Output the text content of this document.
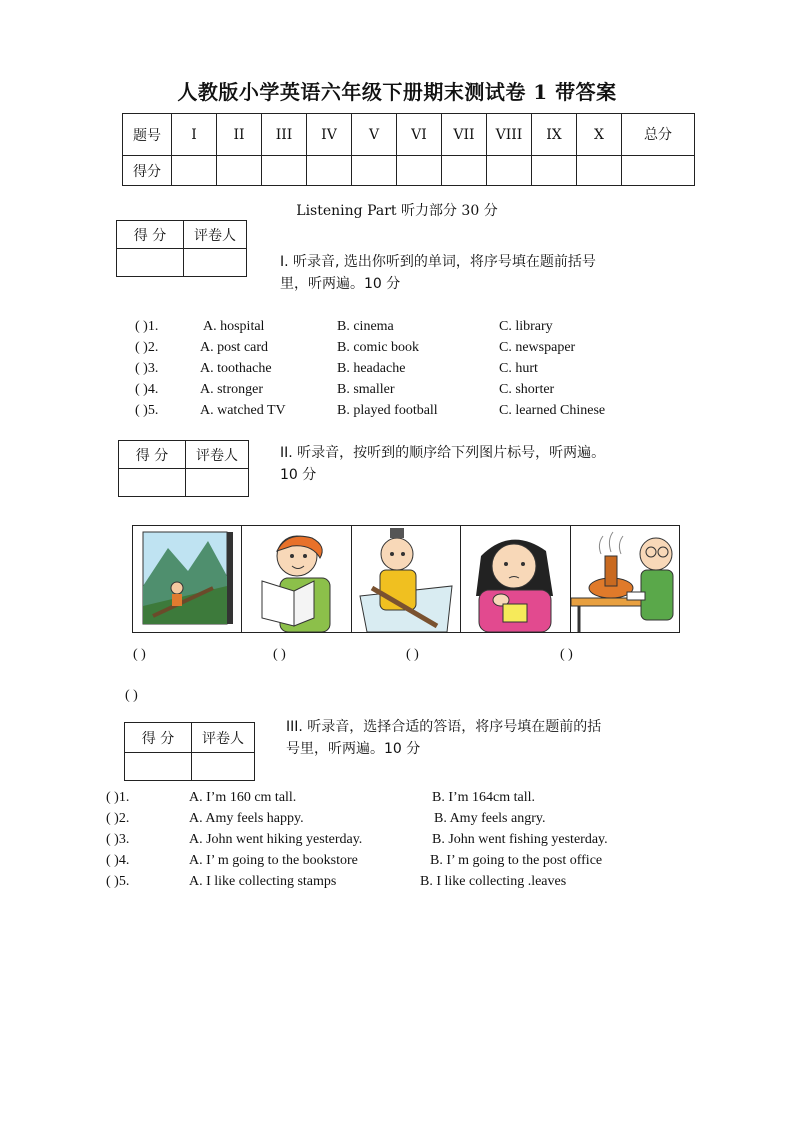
人教版小学英语六年级下册期末测试卷 1 带答案
题号	I	II	III	IV	V	VI	VII	VIII	IX	X	总分
得分											
Listening Part 听力部分 30 分
得 分	评卷人

I. 听录音, 选出你听到的单词，将序号填在题前括号
里，听两遍。10 分
( )1.	A. hospital	B. cinema	C. library
( )2.	A. post card	B. comic book	C. newspaper
( )3.	A. toothache	B. headache	C. hurt
( )4.	A. stronger	B. smaller	C. shorter
( )5.	A. watched TV	B. played football	C. learned Chinese
得 分	评卷人
		II. 听录音，按听到的顺序给下列图片标号，听两遍。
10 分
( )	( )	( )	( )
( )
得 分	评卷人

III. 听录音，选择合适的答语，将序号填在题前的括
号里，听两遍。10 分
( )1.	A. I’m 160 cm tall.	B. I’m 164cm tall.
( )2.	A. Amy feels happy.	B. Amy feels angry.
( )3.	A. John went hiking yesterday.	B. John went fishing yesterday.
( )4.	A. I’ m going to the bookstore	B. I’ m going to the post office
( )5.	A. I like collecting stamps	B. I like collecting .leaves
